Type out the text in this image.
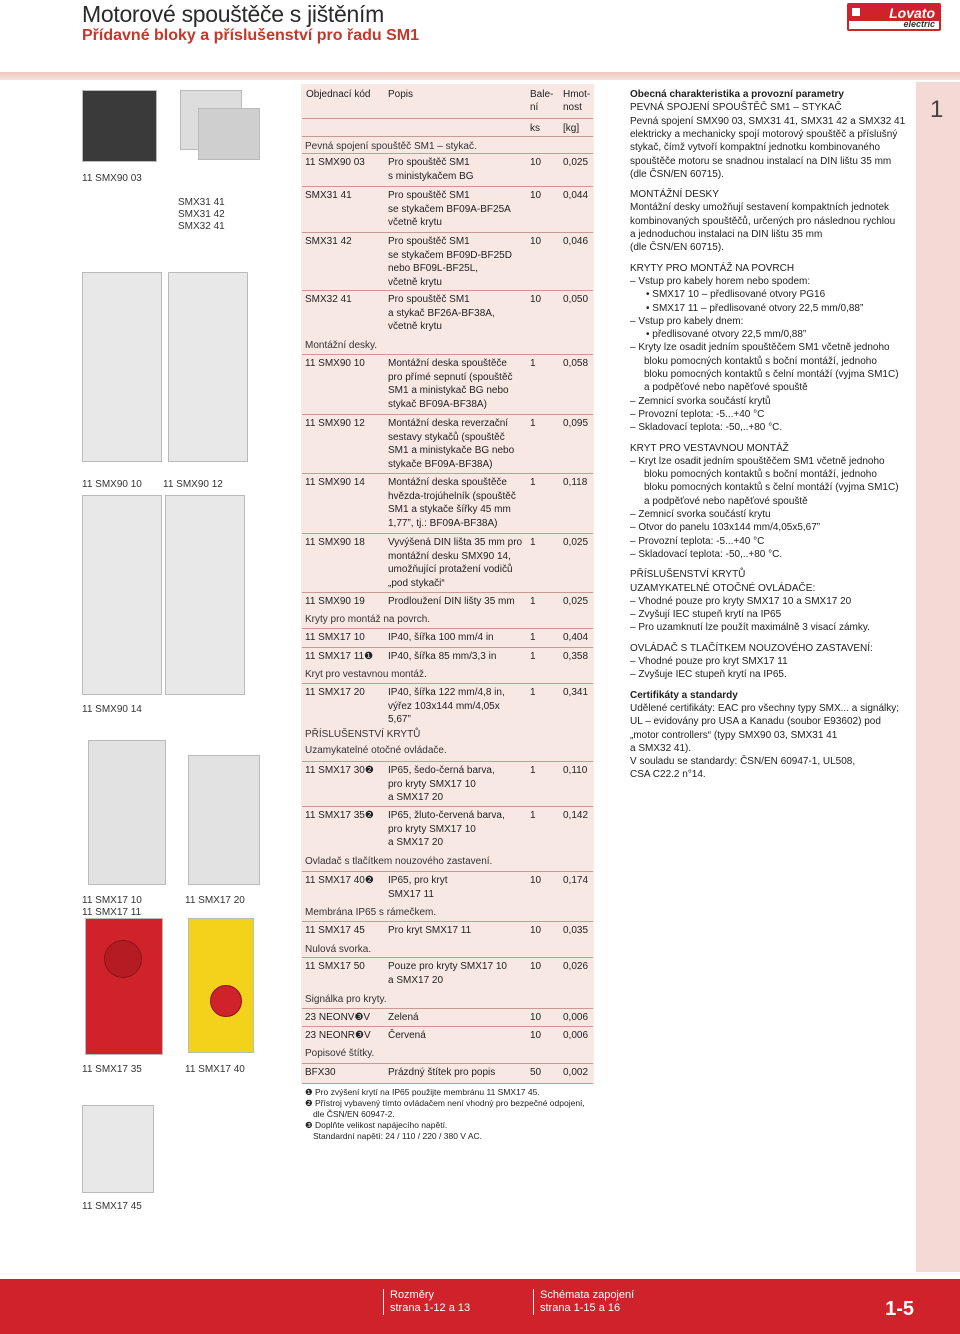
Motorové spouštěče s jištěním
Přídavné bloky a příslušenství pro řadu SM1
Lovato
electric
11 SMX90 03
SMX31 41
SMX31 42
SMX32 41
11 SMX90 10 11 SMX90 12
11 SMX90 14
11 SMX17 10
11 SMX17 11
11 SMX17 20
11 SMX17 35	11 SMX17 40
11 SMX17 45
Objednací kód Popis	Bale-
ní
Hmot-
nost
ks [kg]
Pevná spojení spouštěč SM1 – stykač.
Montážní desky.
Kryty pro montáž na povrch.
Kryt pro vestavnou montáž.
PŘÍSLUŠENSTVÍ KRYTŮ
Uzamykatelné otočné ovládače.
Ovladač s tlačítkem nouzového zastavení.
Membrána IP65 s rámečkem.
Nulová svorka.
Signálka pro kryty.
Popisové štítky.
11 SMX90 03 Pro spouštěč SM1
s ministykačem BG
10 0,025
SMX31 41	Pro spouštěč SM1
se stykačem BF09A-BF25A
včetně krytu
10 0,044
SMX31 42	Pro spouštěč SM1
se stykačem BF09D-BF25D
nebo BF09L-BF25L,
včetně krytu
10 0,046
SMX32 41	Pro spouštěč SM1
a stykač BF26A-BF38A,
včetně krytu
10 0,050
11 SMX90 10 Montážní deska spouštěče
pro přímé sepnutí (spouštěč
SM1 a ministykač BG nebo
stykač BF09A-BF38A)
1	0,058
11 SMX90 12 Montážní deska reverzační
sestavy stykačů (spouštěč
SM1 a ministykače BG nebo
stykače BF09A-BF38A)
1	0,095
11 SMX90 14 Montážní deska spouštěče
hvězda-trojúhelník (spouštěč
SM1 a stykače šířky 45 mm
1,77”, tj.: BF09A-BF38A)
1	0,118
11 SMX90 18 Vyvýšená DIN lišta 35 mm pro
montážní desku SMX90 14,
umožňující protažení vodičů
„pod stykači“
1	0,025
11 SMX90 19 Prodloužení DIN lišty 35 mm	1	0,025
11 SMX17 10 IP40, šířka 100 mm/4 in	1	0,404
11 SMX17 11❶ IP40, šířka 85 mm/3,3 in	1	0,358
11 SMX17 20 IP40, šířka 122 mm/4,8 in,
výřez 103x144 mm/4,05x
5,67”
1	0,341
11 SMX17 30❷ IP65, šedo-černá barva,
pro kryty SMX17 10
a SMX17 20
1	0,110
11 SMX17 35❷ IP65, žluto-červená barva,
pro kryty SMX17 10
a SMX17 20
1	0,142
11 SMX17 40❷ IP65, pro kryt
SMX17 11
10 0,174
11 SMX17 45 Pro kryt SMX17 11	10 0,035
11 SMX17 50 Pouze pro kryty SMX17 10
a SMX17 20
10 0,026
23 NEONV❸V Zelená	10 0,006
23 NEONR❸V Červená	10 0,006
BFX30	Prázdný štítek pro popis	50 0,002
❶ Pro zvýšení krytí na IP65 použijte membránu 11 SMX17 45.
❷ Přístroj vybavený tímto ovládačem není vhodný pro bezpečné odpojení,
dle ČSN/EN 60947-2.
❸ Doplňte velikost napájecího napětí.
Standardní napětí: 24 / 110 / 220 / 380 V AC.
Obecná charakteristika a provozní parametry
PEVNÁ SPOJENÍ SPOUŠTĚČ SM1 – STYKAČ
Pevná spojení SMX90 03, SMX31 41, SMX31 42 a SMX32 41
elektricky a mechanicky spojí motorový spouštěč a příslušný
stykač, čímž vytvoří kompaktní jednotku kombinovaného
spouštěče motoru se snadnou instalací na DIN lištu 35 mm
(dle ČSN/EN 60715).
MONTÁŽNÍ DESKY
Montážní desky umožňují sestavení kompaktních jednotek
kombinovaných spouštěčů, určených pro následnou rychlou
a jednoduchou instalaci na DIN lištu 35 mm
(dle ČSN/EN 60715).
KRYTY PRO MONTÁŽ NA POVRCH
– Vstup pro kabely horem nebo spodem:
• SMX17 10 – předlisované otvory PG16
• SMX17 11 – předlisované otvory 22,5 mm/0,88”
– Vstup pro kabely dnem:
• předlisované otvory 22,5 mm/0,88”
– Kryty lze osadit jedním spouštěčem SM1 včetně jednoho
bloku pomocných kontaktů s boční montáží, jednoho
bloku pomocných kontaktů s čelní montáží (vyjma SM1C)
a podpěťové nebo napěťové spouště
– Zemnicí svorka součástí krytů
– Provozní teplota: -5...+40 °C
– Skladovací teplota: -50,..+80 °C.
KRYT PRO VESTAVNOU MONTÁŽ
– Kryt lze osadit jedním spouštěčem SM1 včetně jednoho
bloku pomocných kontaktů s boční montáží, jednoho
bloku pomocných kontaktů s čelní montáží (vyjma SM1C)
a podpěťové nebo napěťové spouště
– Zemnicí svorka součástí krytu
– Otvor do panelu 103x144 mm/4,05x5,67”
– Provozní teplota: -5...+40 °C
– Skladovací teplota: -50,..+80 °C.
PŘÍSLUŠENSTVÍ KRYTŮ
UZAMYKATELNÉ OTOČNÉ OVLÁDAČE:
– Vhodné pouze pro kryty SMX17 10 a SMX17 20
– Zvyšují IEC stupeň krytí na IP65
– Pro uzamknutí lze použít maximálně 3 visací zámky.
OVLÁDAČ S TLAČÍTKEM NOUZOVÉHO ZASTAVENÍ:
– Vhodné pouze pro kryt SMX17 11
– Zvyšuje IEC stupeň krytí na IP65.
Certifikáty a standardy
Udělené certifikáty: EAC pro všechny typy SMX... a signálky;
UL – evidovány pro USA a Kanadu (soubor E93602) pod
„motor controllers“ (typy SMX90 03, SMX31 41
a SMX32 41).
V souladu se standardy: ČSN/EN 60947-1, UL508,
CSA C22.2 n°14.
1
Rozměry
strana 1-12 a 13
Schémata zapojení
strana 1-15 a 16	1-5
